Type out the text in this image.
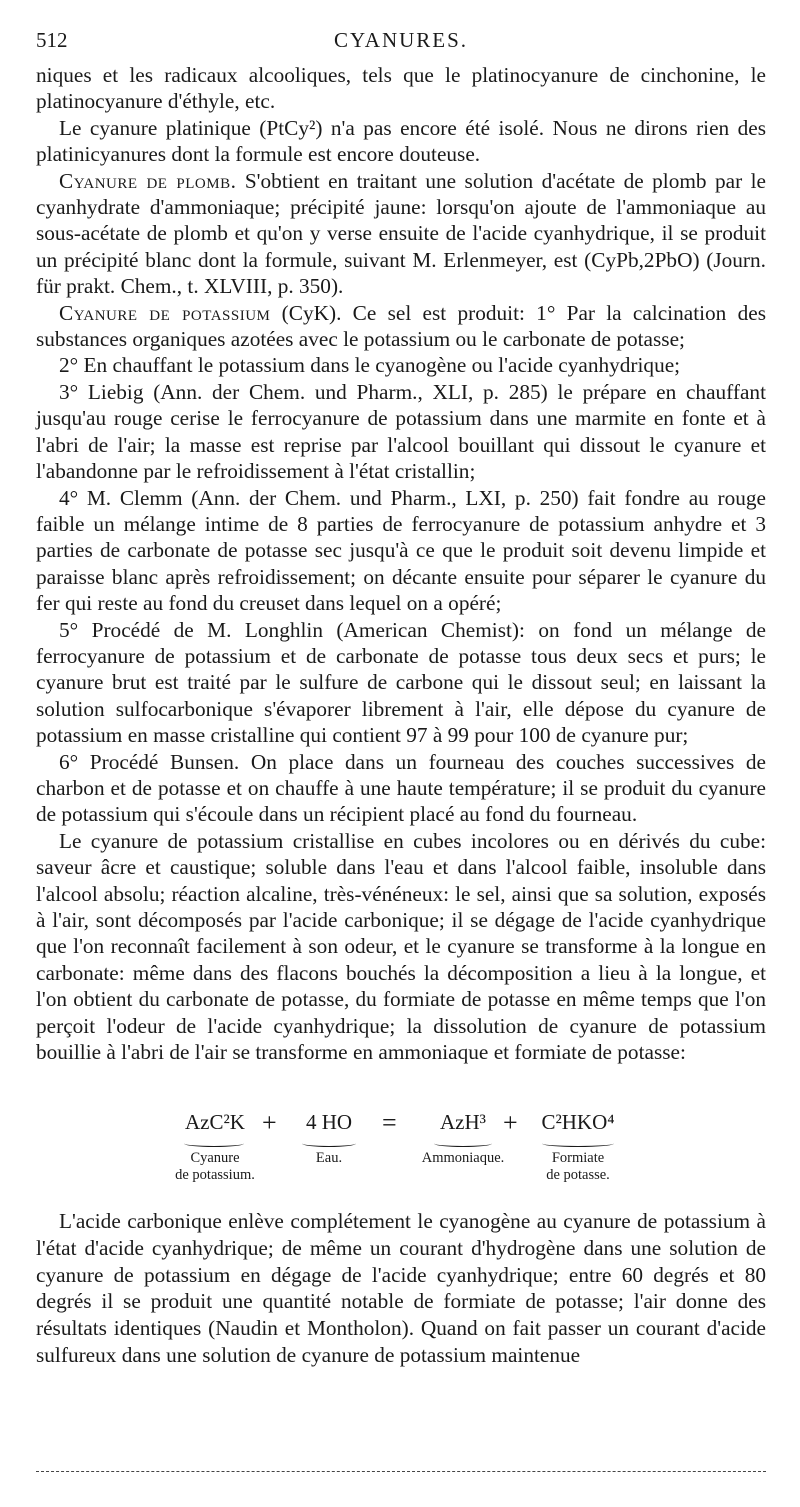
512	CYANURES.

niques et les radicaux alcooliques, tels que le platinocyanure de cinchonine, le platinocyanure d'éthyle, etc.

Le cyanure platinique (PtCy²) n'a pas encore été isolé. Nous ne dirons rien des platinicyanures dont la formule est encore douteuse.

Cyanure de plomb. S'obtient en traitant une solution d'acétate de plomb par le cyanhydrate d'ammoniaque; précipité jaune: lorsqu'on ajoute de l'ammoniaque au sous-acétate de plomb et qu'on y verse ensuite de l'acide cyanhydrique, il se produit un précipité blanc dont la formule, suivant M. Erlenmeyer, est (CyPb,2PbO) (Journ. für prakt. Chem., t. XLVIII, p. 350).

Cyanure de potassium (CyK). Ce sel est produit: 1° Par la calcination des substances organiques azotées avec le potassium ou le carbonate de potasse;

2° En chauffant le potassium dans le cyanogène ou l'acide cyanhydrique;

3° Liebig (Ann. der Chem. und Pharm., XLI, p. 285) le prépare en chauffant jusqu'au rouge cerise le ferrocyanure de potassium dans une marmite en fonte et à l'abri de l'air; la masse est reprise par l'alcool bouillant qui dissout le cyanure et l'abandonne par le refroidissement à l'état cristallin;

4° M. Clemm (Ann. der Chem. und Pharm., LXI, p. 250) fait fondre au rouge faible un mélange intime de 8 parties de ferrocyanure de potassium anhydre et 3 parties de carbonate de potasse sec jusqu'à ce que le produit soit devenu limpide et paraisse blanc après refroidissement; on décante ensuite pour séparer le cyanure du fer qui reste au fond du creuset dans lequel on a opéré;

5° Procédé de M. Longhlin (American Chemist): on fond un mélange de ferrocyanure de potassium et de carbonate de potasse tous deux secs et purs; le cyanure brut est traité par le sulfure de carbone qui le dissout seul; en laissant la solution sulfocarbonique s'évaporer librement à l'air, elle dépose du cyanure de potassium en masse cristalline qui contient 97 à 99 pour 100 de cyanure pur;

6° Procédé Bunsen. On place dans un fourneau des couches successives de charbon et de potasse et on chauffe à une haute température; il se produit du cyanure de potassium qui s'écoule dans un récipient placé au fond du fourneau.

Le cyanure de potassium cristallise en cubes incolores ou en dérivés du cube: saveur âcre et caustique; soluble dans l'eau et dans l'alcool faible, insoluble dans l'alcool absolu; réaction alcaline, très-vénéneux: le sel, ainsi que sa solution, exposés à l'air, sont décomposés par l'acide carbonique; il se dégage de l'acide cyanhydrique que l'on reconnaît facilement à son odeur, et le cyanure se transforme à la longue en carbonate: même dans des flacons bouchés la décomposition a lieu à la longue, et l'on obtient du carbonate de potasse, du formiate de potasse en même temps que l'on perçoit l'odeur de l'acide cyanhydrique; la dissolution de cyanure de potassium bouillie à l'abri de l'air se transforme en ammoniaque et formiate de potasse:

AzC²K
Cyanure
de potassium.
+	4 HO
Eau.

=	AzH³
Ammoniaque.

+ C²HKO⁴
Formiate
de potasse.

L'acide carbonique enlève complétement le cyanogène au cyanure de potassium à l'état d'acide cyanhydrique; de même un courant d'hydrogène dans une solution de cyanure de potassium en dégage de l'acide cyanhydrique; entre 60 degrés et 80 degrés il se produit une quantité notable de formiate de potasse; l'air donne des résultats identiques (Naudin et Montholon). Quand on fait passer un courant d'acide sulfureux dans une solution de cyanure de potassium maintenue
